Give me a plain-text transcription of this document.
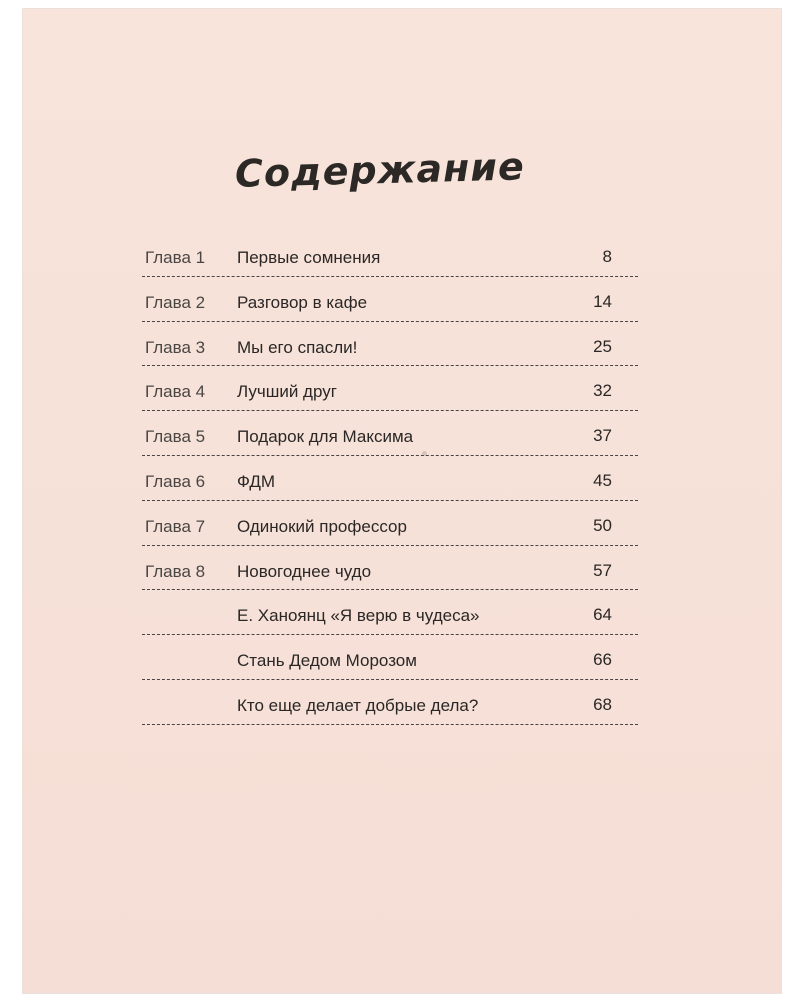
Содержание
Глава 1 Первые сомнения	8
Глава 2 Разговор в кафе	14
Глава 3 Мы его спасли!	25
Глава 4 Лучший друг	32
Глава 5 Подарок для Максима	37
Глава 6 ФДМ	45
Глава 7 Одинокий профессор	50
Глава 8 Новогоднее чудо	57
Е. Ханоянц «Я верю в чудеса»	64
Стань Дедом Морозом	66
Кто еще делает добрые дела?	68
